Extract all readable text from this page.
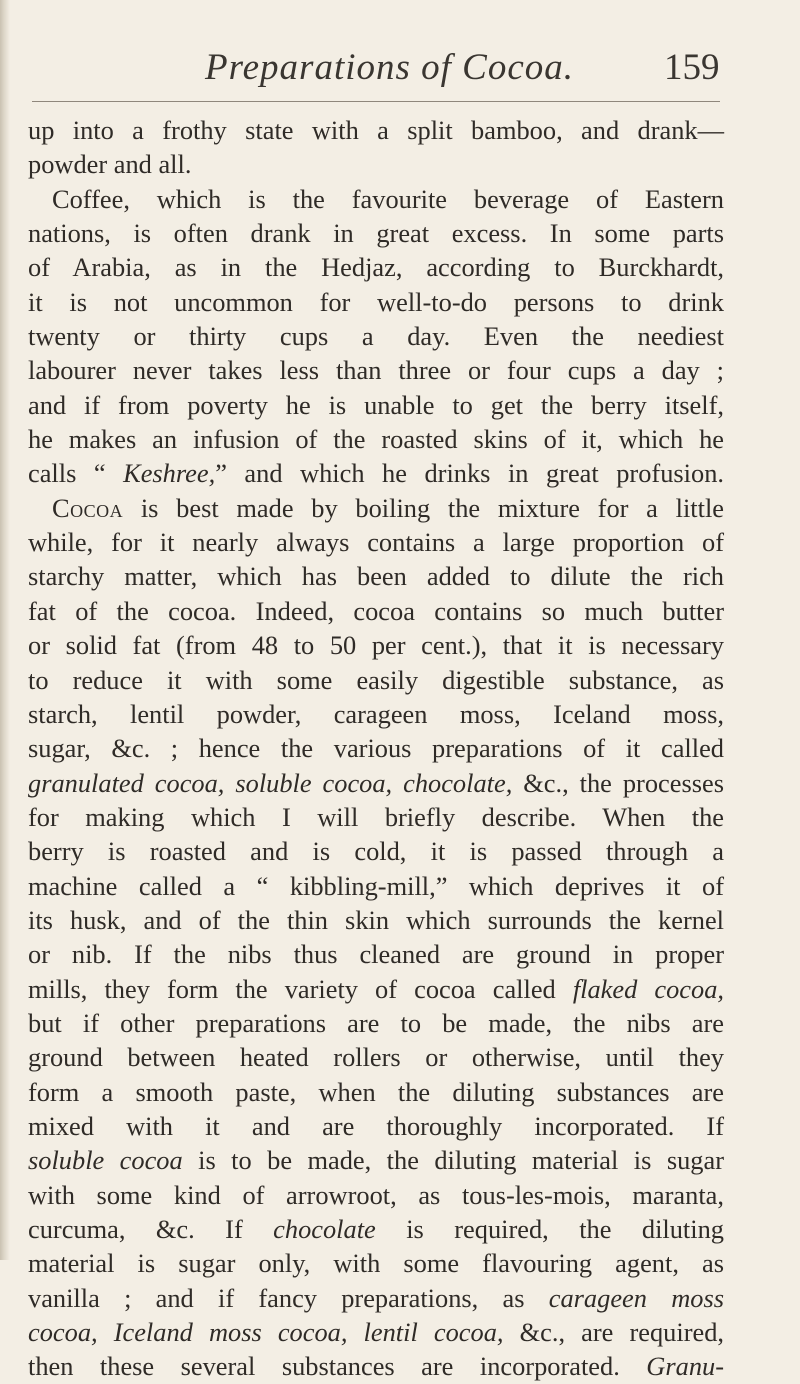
Preparations of Cocoa. 159
up into a frothy state with a split bamboo, and drank—
powder and all.
Coffee, which is the favourite beverage of Eastern
nations, is often drank in great excess. In some parts
of Arabia, as in the Hedjaz, according to Burckhardt,
it is not uncommon for well-to-do persons to drink
twenty or thirty cups a day. Even the neediest
labourer never takes less than three or four cups a day ;
and if from poverty he is unable to get the berry itself,
he makes an infusion of the roasted skins of it, which he
calls “ Keshree,” and which he drinks in great profusion.
Cocoa is best made by boiling the mixture for a little
while, for it nearly always contains a large proportion of
starchy matter, which has been added to dilute the rich
fat of the cocoa. Indeed, cocoa contains so much butter
or solid fat (from 48 to 50 per cent.), that it is necessary
to reduce it with some easily digestible substance, as
starch, lentil powder, carageen moss, Iceland moss,
sugar, &c. ; hence the various preparations of it called
granulated cocoa, soluble cocoa, chocolate, &c., the processes
for making which I will briefly describe. When the
berry is roasted and is cold, it is passed through a
machine called a “ kibbling-mill,” which deprives it of
its husk, and of the thin skin which surrounds the kernel
or nib. If the nibs thus cleaned are ground in proper
mills, they form the variety of cocoa called flaked cocoa,
but if other preparations are to be made, the nibs are
ground between heated rollers or otherwise, until they
form a smooth paste, when the diluting substances are
mixed with it and are thoroughly incorporated. If
soluble cocoa is to be made, the diluting material is sugar
with some kind of arrowroot, as tous-les-mois, maranta,
curcuma, &c. If chocolate is required, the diluting
material is sugar only, with some flavouring agent, as
vanilla ; and if fancy preparations, as carageen moss
cocoa, Iceland moss cocoa, lentil cocoa, &c., are required,
then these several substances are incorporated. Granu-
